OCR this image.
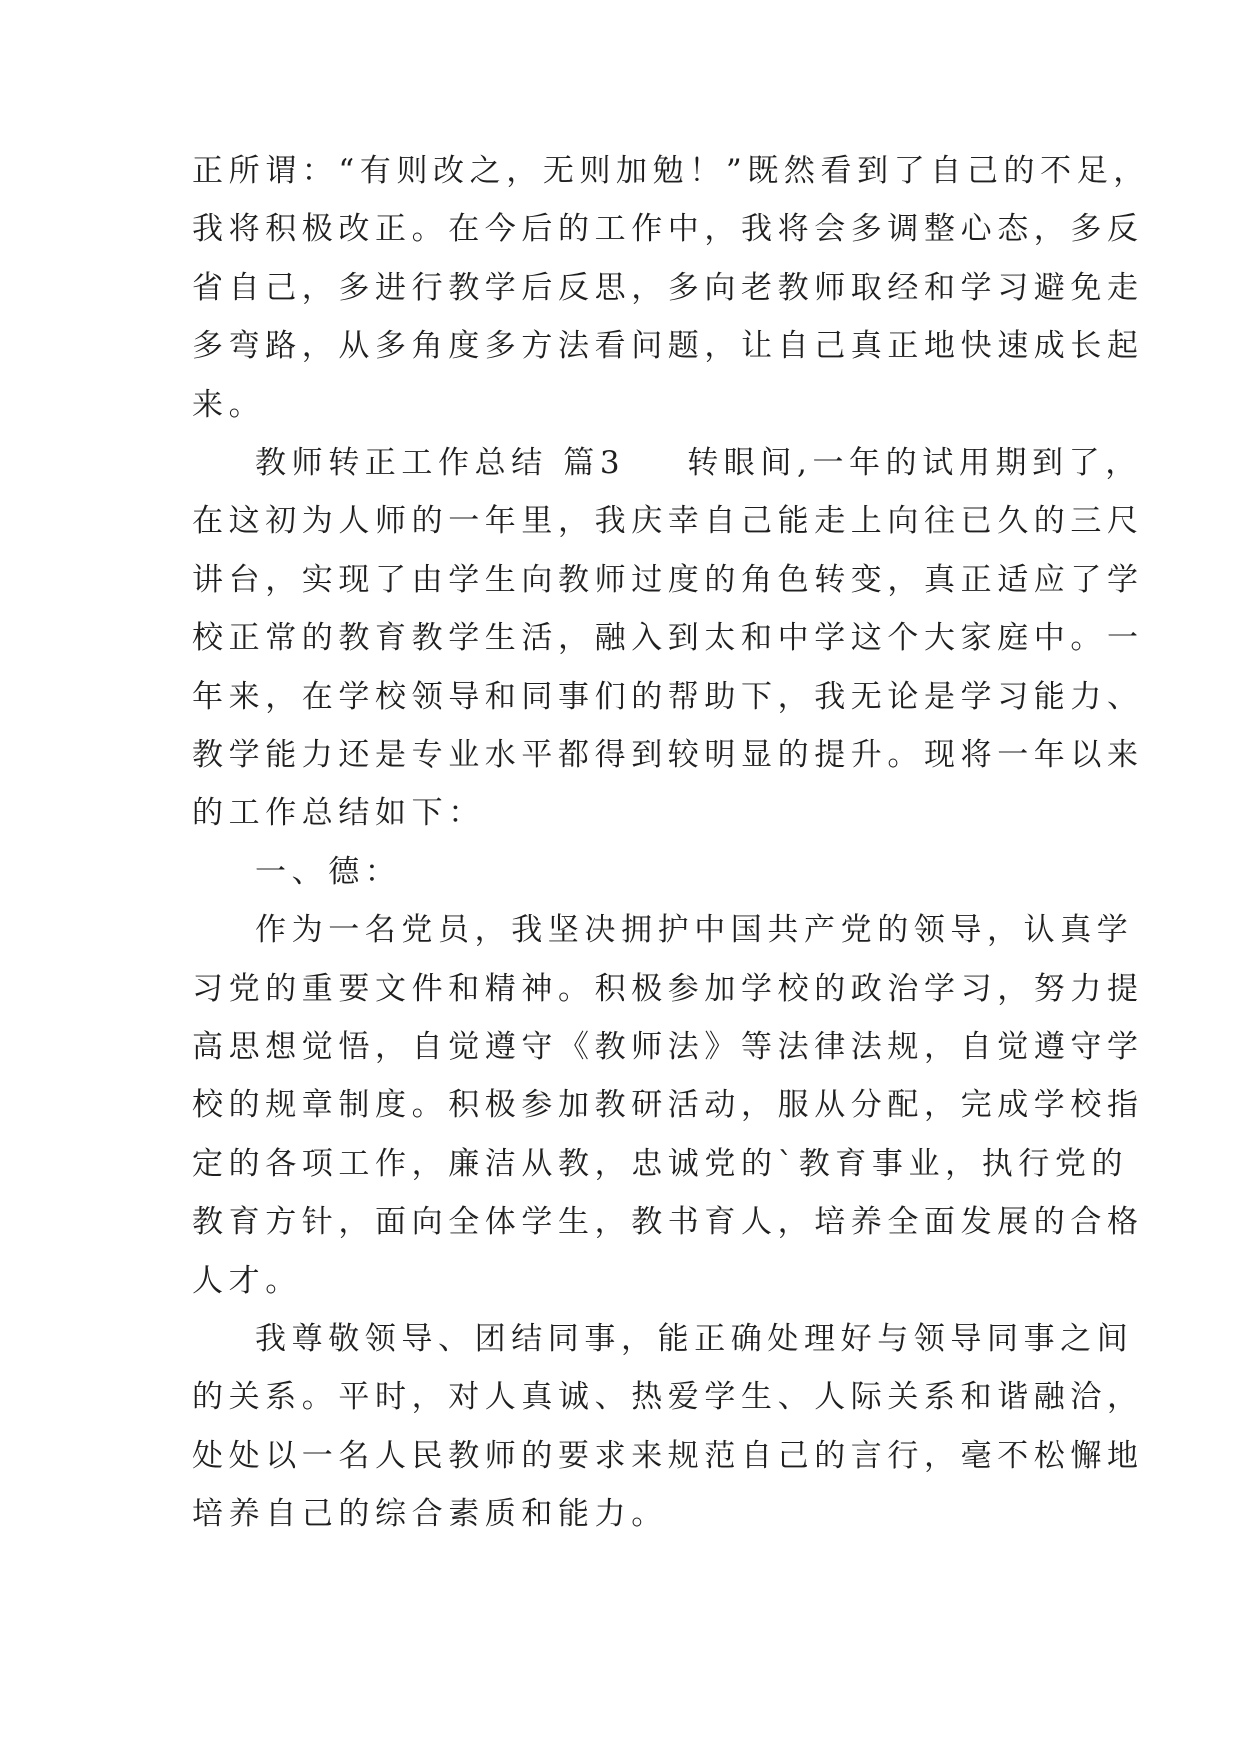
正所谓：“有则改之，无则加勉！”既然看到了自己的不足，
我将积极改正。在今后的工作中，我将会多调整心态，多反
省自己，多进行教学后反思，多向老教师取经和学习避免走
多弯路，从多角度多方法看问题，让自己真正地快速成长起
来。
教师转正工作总结 篇3 转眼间,一年的试用期到了，
在这初为人师的一年里，我庆幸自己能走上向往已久的三尺
讲台，实现了由学生向教师过度的角色转变，真正适应了学
校正常的教育教学生活，融入到太和中学这个大家庭中。一
年来，在学校领导和同事们的帮助下，我无论是学习能力、
教学能力还是专业水平都得到较明显的提升。现将一年以来
的工作总结如下：
一、德：
作为一名党员，我坚决拥护中国共产党的领导，认真学
习党的重要文件和精神。积极参加学校的政治学习，努力提
高思想觉悟，自觉遵守《教师法》等法律法规，自觉遵守学
校的规章制度。积极参加教研活动，服从分配，完成学校指
定的各项工作，廉洁从教，忠诚党的`教育事业，执行党的
教育方针，面向全体学生，教书育人，培养全面发展的合格
人才。
我尊敬领导、团结同事，能正确处理好与领导同事之间
的关系。平时，对人真诚、热爱学生、人际关系和谐融洽，
处处以一名人民教师的要求来规范自己的言行，毫不松懈地
培养自己的综合素质和能力。
